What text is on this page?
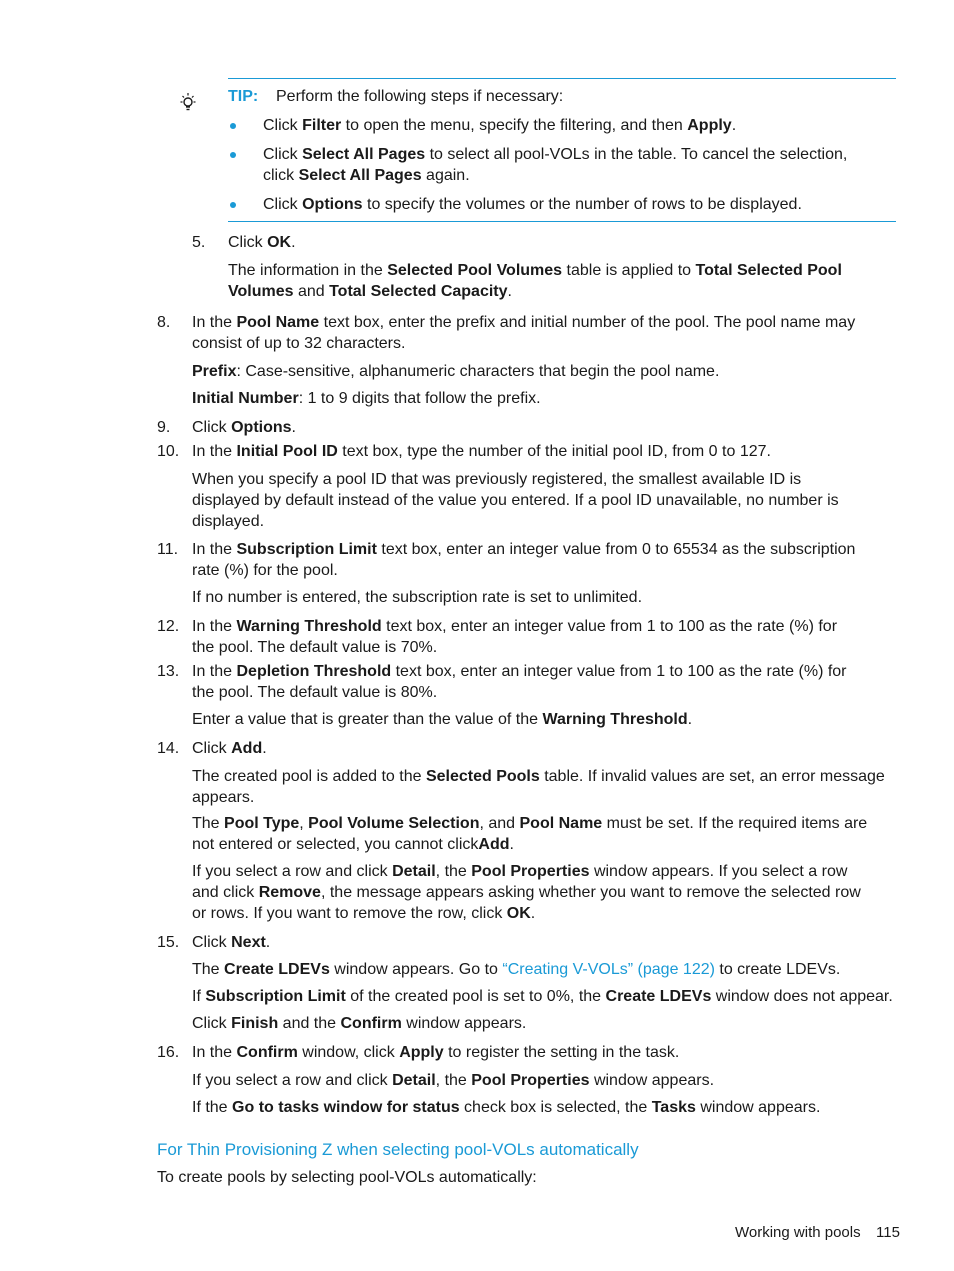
TIP: Perform the following steps if necessary:
Click Filter to open the menu, specify the filtering, and then Apply.
Click Select All Pages to select all pool-VOLs in the table. To cancel the selection,
click Select All Pages again.
Click Options to specify the volumes or the number of rows to be displayed.
5. Click OK.
The information in the Selected Pool Volumes table is applied to Total Selected Pool
Volumes and Total Selected Capacity.
8. In the Pool Name text box, enter the prefix and initial number of the pool. The pool name may
consist of up to 32 characters.
Prefix: Case-sensitive, alphanumeric characters that begin the pool name.
Initial Number: 1 to 9 digits that follow the prefix.
9. Click Options.
10. In the Initial Pool ID text box, type the number of the initial pool ID, from 0 to 127.
When you specify a pool ID that was previously registered, the smallest available ID is
displayed by default instead of the value you entered. If a pool ID unavailable, no number is
displayed.
11. In the Subscription Limit text box, enter an integer value from 0 to 65534 as the subscription
rate (%) for the pool.
If no number is entered, the subscription rate is set to unlimited.
12. In the Warning Threshold text box, enter an integer value from 1 to 100 as the rate (%) for
the pool. The default value is 70%.
13. In the Depletion Threshold text box, enter an integer value from 1 to 100 as the rate (%) for
the pool. The default value is 80%.
Enter a value that is greater than the value of the Warning Threshold.
14. Click Add.
The created pool is added to the Selected Pools table. If invalid values are set, an error message
appears.
The Pool Type, Pool Volume Selection, and Pool Name must be set. If the required items are
not entered or selected, you cannot clickAdd.
If you select a row and click Detail, the Pool Properties window appears. If you select a row
and click Remove, the message appears asking whether you want to remove the selected row
or rows. If you want to remove the row, click OK.
15. Click Next.
The Create LDEVs window appears. Go to “Creating V-VOLs” (page 122) to create LDEVs.
If Subscription Limit of the created pool is set to 0%, the Create LDEVs window does not appear.
Click Finish and the Confirm window appears.
16. In the Confirm window, click Apply to register the setting in the task.
If you select a row and click Detail, the Pool Properties window appears.
If the Go to tasks window for status check box is selected, the Tasks window appears.
For Thin Provisioning Z when selecting pool-VOLs automatically
To create pools by selecting pool-VOLs automatically:
Working with pools 115
